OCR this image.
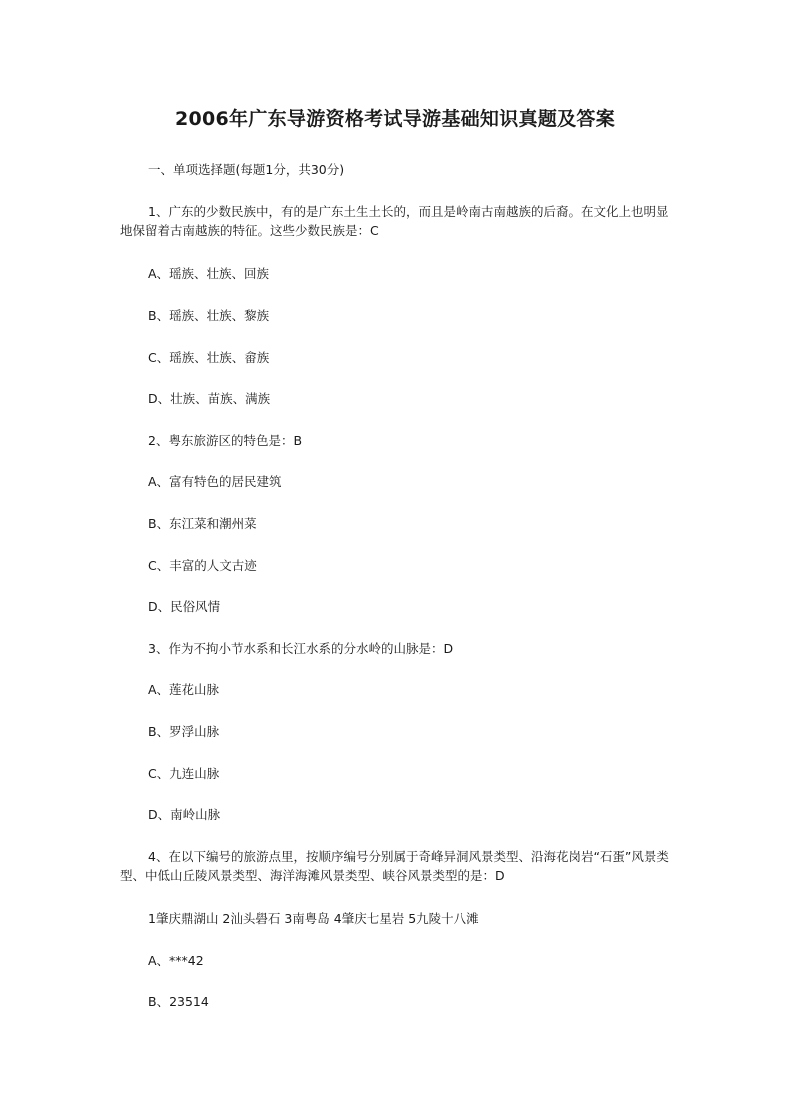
2006年广东导游资格考试导游基础知识真题及答案
一、单项选择题(每题1分，共30分)
1、广东的少数民族中，有的是广东土生土长的，而且是岭南古南越族的后裔。在文化上也明显地保留着古南越族的特征。这些少数民族是：C
A、瑶族、壮族、回族
B、瑶族、壮族、黎族
C、瑶族、壮族、畲族
D、壮族、苗族、满族
2、粤东旅游区的特色是：B
A、富有特色的居民建筑
B、东江菜和潮州菜
C、丰富的人文古迹
D、民俗风情
3、作为不拘小节水系和长江水系的分水岭的山脉是：D
A、莲花山脉
B、罗浮山脉
C、九连山脉
D、南岭山脉
4、在以下编号的旅游点里，按顺序编号分别属于奇峰异洞风景类型、沿海花岗岩“石蛋”风景类型、中低山丘陵风景类型、海洋海滩风景类型、峡谷风景类型的是：D
1肇庆鼎湖山 2汕头礐石 3南粤岛 4肇庆七星岩 5九陵十八滩
A、***42
B、23514
